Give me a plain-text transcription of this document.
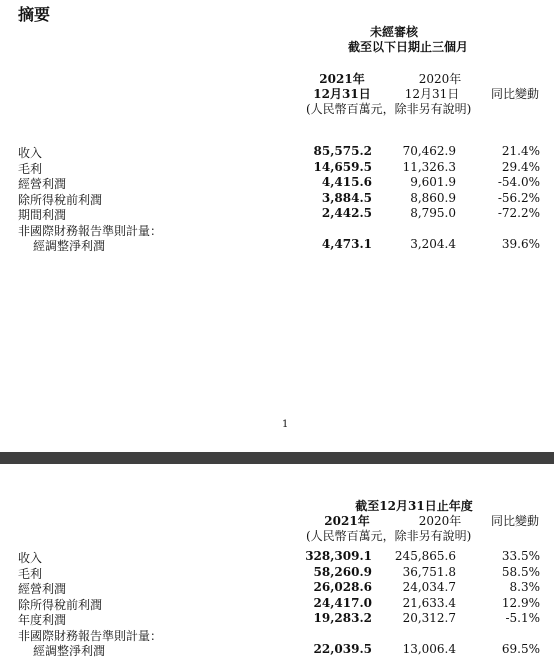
摘要
未經審核
截至以下日期止三個月
2021年	2020年
12月31日	12月31日	同比變動
(人民幣百萬元，除非另有說明)
收入	85,575.2	70,462.9	21.4%
毛利	14,659.5	11,326.3	29.4%
經營利潤	4,415.6	9,601.9	-54.0%
除所得稅前利潤	3,884.5	8,860.9	-56.2%
期間利潤	2,442.5	8,795.0	-72.2%
非國際財務報告準則計量：
經調整淨利潤	4,473.1	3,204.4	39.6%
1
截至12月31日止年度
2021年	2020年 同比變動
(人民幣百萬元，除非另有說明)
收入	328,309.1 245,865.6	33.5%
毛利	58,260.9	36,751.8	58.5%
經營利潤	26,028.6	24,034.7	8.3%
除所得稅前利潤	24,417.0	21,633.4	12.9%
年度利潤	19,283.2	20,312.7	-5.1%
非國際財務報告準則計量：
經調整淨利潤	22,039.5	13,006.4	69.5%
